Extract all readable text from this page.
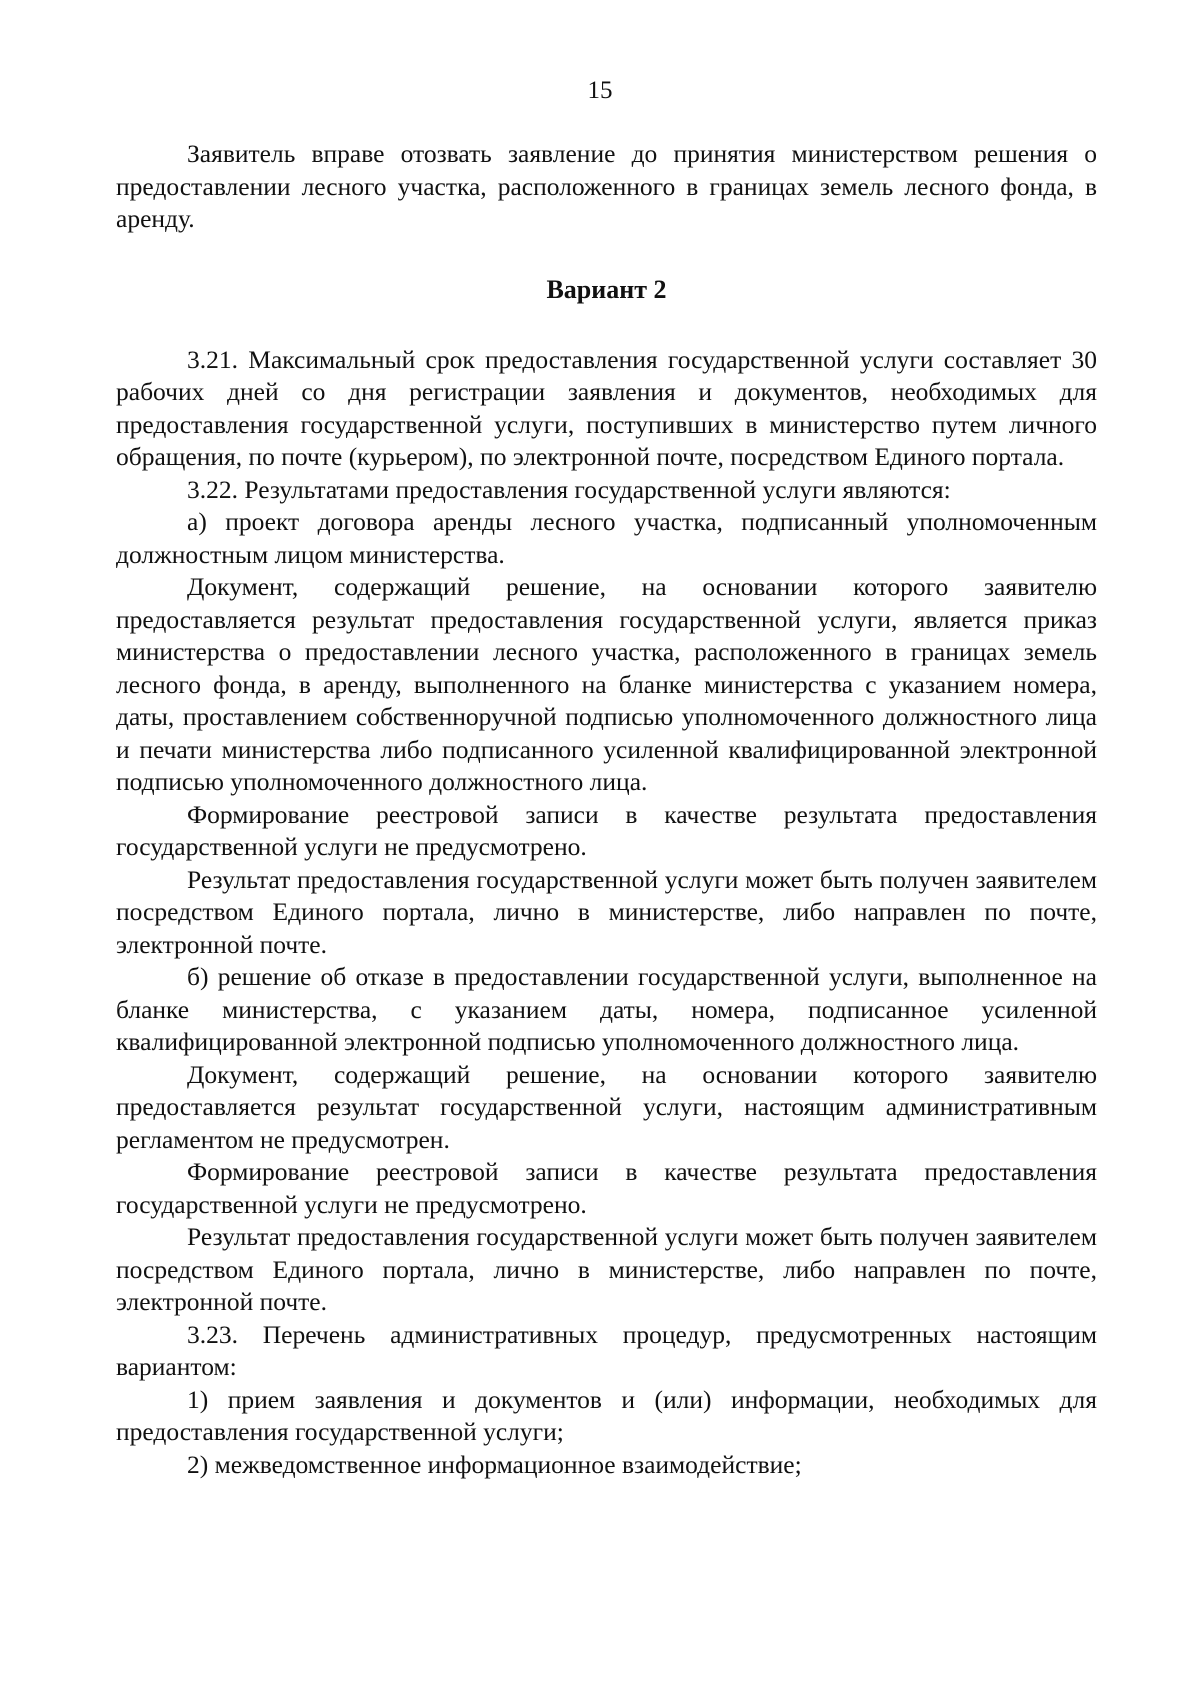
15

Заявитель вправе отозвать заявление до принятия министерством решения о предоставлении лесного участка, расположенного в границах земель лесного фонда, в аренду.

Вариант 2

3.21. Максимальный срок предоставления государственной услуги составляет 30 рабочих дней со дня регистрации заявления и документов, необходимых для предоставления государственной услуги, поступивших в министерство путем личного обращения, по почте (курьером), по электронной почте, посредством Единого портала.

3.22. Результатами предоставления государственной услуги являются:

а) проект договора аренды лесного участка, подписанный уполномоченным должностным лицом министерства.

Документ, содержащий решение, на основании которого заявителю предоставляется результат предоставления государственной услуги, является приказ министерства о предоставлении лесного участка, расположенного в границах земель лесного фонда, в аренду, выполненного на бланке министерства с указанием номера, даты, проставлением собственноручной подписью уполномоченного должностного лица и печати министерства либо подписанного усиленной квалифицированной электронной подписью уполномоченного должностного лица.

Формирование реестровой записи в качестве результата предоставления государственной услуги не предусмотрено.

Результат предоставления государственной услуги может быть получен заявителем посредством Единого портала, лично в министерстве, либо направлен по почте, электронной почте.

б) решение об отказе в предоставлении государственной услуги, выполненное на бланке министерства, с указанием даты, номера, подписанное усиленной квалифицированной электронной подписью уполномоченного должностного лица.

Документ, содержащий решение, на основании которого заявителю предоставляется результат государственной услуги, настоящим административным регламентом не предусмотрен.

Формирование реестровой записи в качестве результата предоставления государственной услуги не предусмотрено.

Результат предоставления государственной услуги может быть получен заявителем посредством Единого портала, лично в министерстве, либо направлен по почте, электронной почте.

3.23. Перечень административных процедур, предусмотренных настоящим вариантом:

1) прием заявления и документов и (или) информации, необходимых для предоставления государственной услуги;

2) межведомственное информационное взаимодействие;
